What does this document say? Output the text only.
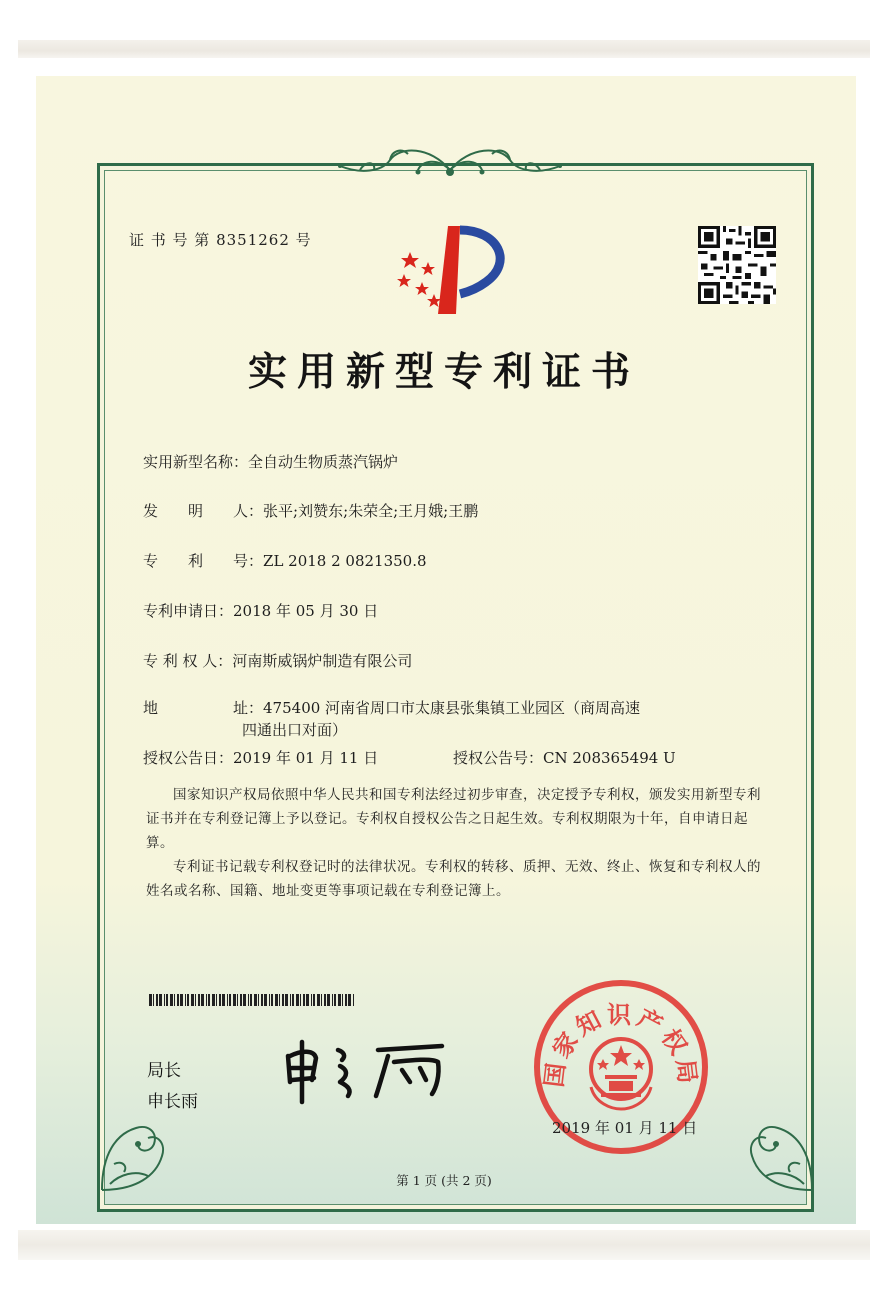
证 书 号 第 8351262 号
实用新型专利证书
实用新型名称：全自动生物质蒸汽锅炉
发　　明　　人：张平;刘赞东;朱荣全;王月娥;王鹏
专　　利　　号：ZL 2018 2 0821350.8
专利申请日：2018 年 05 月 30 日
专 利 权 人：河南斯威锅炉制造有限公司
地　　　　　址：475400 河南省周口市太康县张集镇工业园区（商周高速
四通出口对面）
授权公告日：2019 年 01 月 11 日	授权公告号：CN 208365494 U
国家知识产权局依照中华人民共和国专利法经过初步审查，决定授予专利权，颁发实用新型专利证书并在专利登记簿上予以登记。专利权自授权公告之日起生效。专利权期限为十年，自申请日起算。
专利证书记载专利权登记时的法律状况。专利权的转移、质押、无效、终止、恢复和专利权人的姓名或名称、国籍、地址变更等事项记载在专利登记簿上。
局长
申长雨
国家知识产权局
2019 年 01 月 11 日
第 1 页 (共 2 页)
